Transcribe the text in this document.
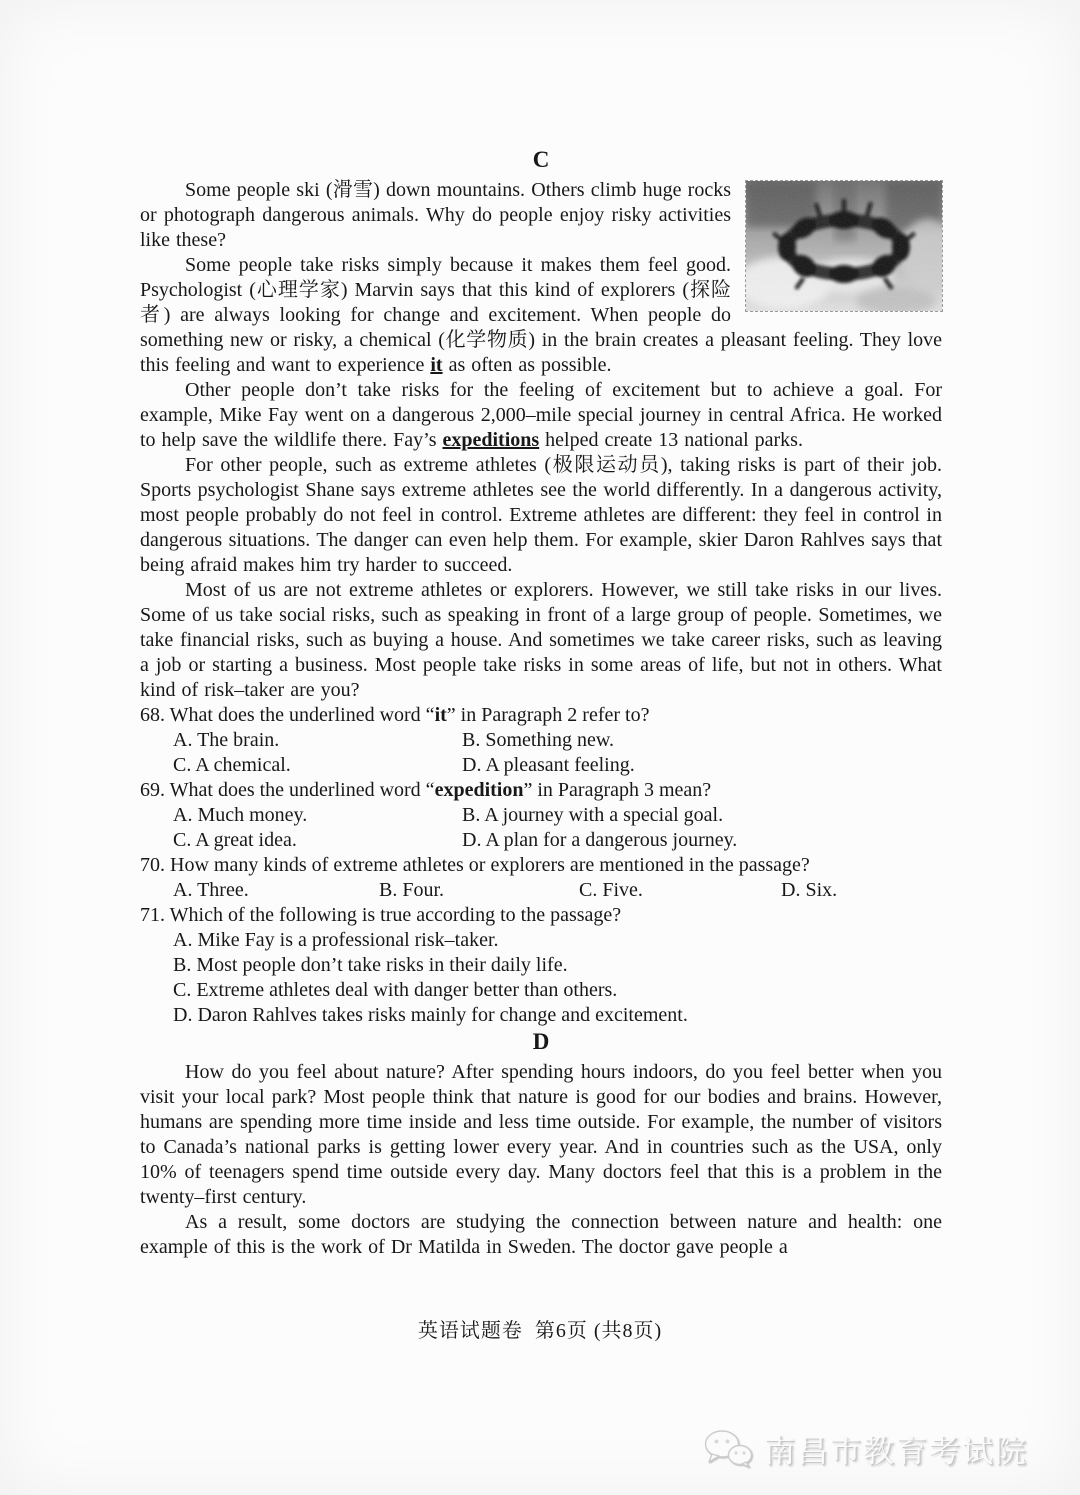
C

Some people ski (滑雪) down mountains. Others climb huge rocks or photograph dangerous animals. Why do people enjoy risky activities like these?

Some people take risks simply because it makes them feel good. Psychologist (心理学家) Marvin says that this kind of explorers (探险者) are always looking for change and excitement. When people do something new or risky, a chemical (化学物质) in the brain creates a pleasant feeling. They love this feeling and want to experience it as often as possible.

Other people don’t take risks for the feeling of excitement but to achieve a goal. For example, Mike Fay went on a dangerous 2,000–mile special journey in central Africa. He worked to help save the wildlife there. Fay’s expeditions helped create 13 national parks.

For other people, such as extreme athletes (极限运动员), taking risks is part of their job. Sports psychologist Shane says extreme athletes see the world differently. In a dangerous activity, most people probably do not feel in control. Extreme athletes are different: they feel in control in dangerous situations. The danger can even help them. For example, skier Daron Rahlves says that being afraid makes him try harder to succeed.

Most of us are not extreme athletes or explorers. However, we still take risks in our lives. Some of us take social risks, such as speaking in front of a large group of people. Sometimes, we take financial risks, such as buying a house. And sometimes we take career risks, such as leaving a job or starting a business. Most people take risks in some areas of life, but not in others. What kind of risk–taker are you?

68. What does the underlined word “it” in Paragraph 2 refer to?
A. The brain.	B. Something new.
C. A chemical.	D. A pleasant feeling.
69. What does the underlined word “expedition” in Paragraph 3 mean?
A. Much money.	B. A journey with a special goal.
C. A great idea.	D. A plan for a dangerous journey.
70. How many kinds of extreme athletes or explorers are mentioned in the passage?
A. Three.	B. Four.	C. Five.	D. Six.
71. Which of the following is true according to the passage?
A. Mike Fay is a professional risk–taker.
B. Most people don’t take risks in their daily life.
C. Extreme athletes deal with danger better than others.
D. Daron Rahlves takes risks mainly for change and excitement.
D

How do you feel about nature? After spending hours indoors, do you feel better when you visit your local park? Most people think that nature is good for our bodies and brains. However, humans are spending more time inside and less time outside. For example, the number of visitors to Canada’s national parks is getting lower every year. And in countries such as the USA, only 10% of teenagers spend time outside every day. Many doctors feel that this is a problem in the twenty–first century.

As a result, some doctors are studying the connection between nature and health: one example of this is the work of Dr Matilda in Sweden. The doctor gave people a

英语试题卷  第6页 (共8页)
南昌市教育考试院
